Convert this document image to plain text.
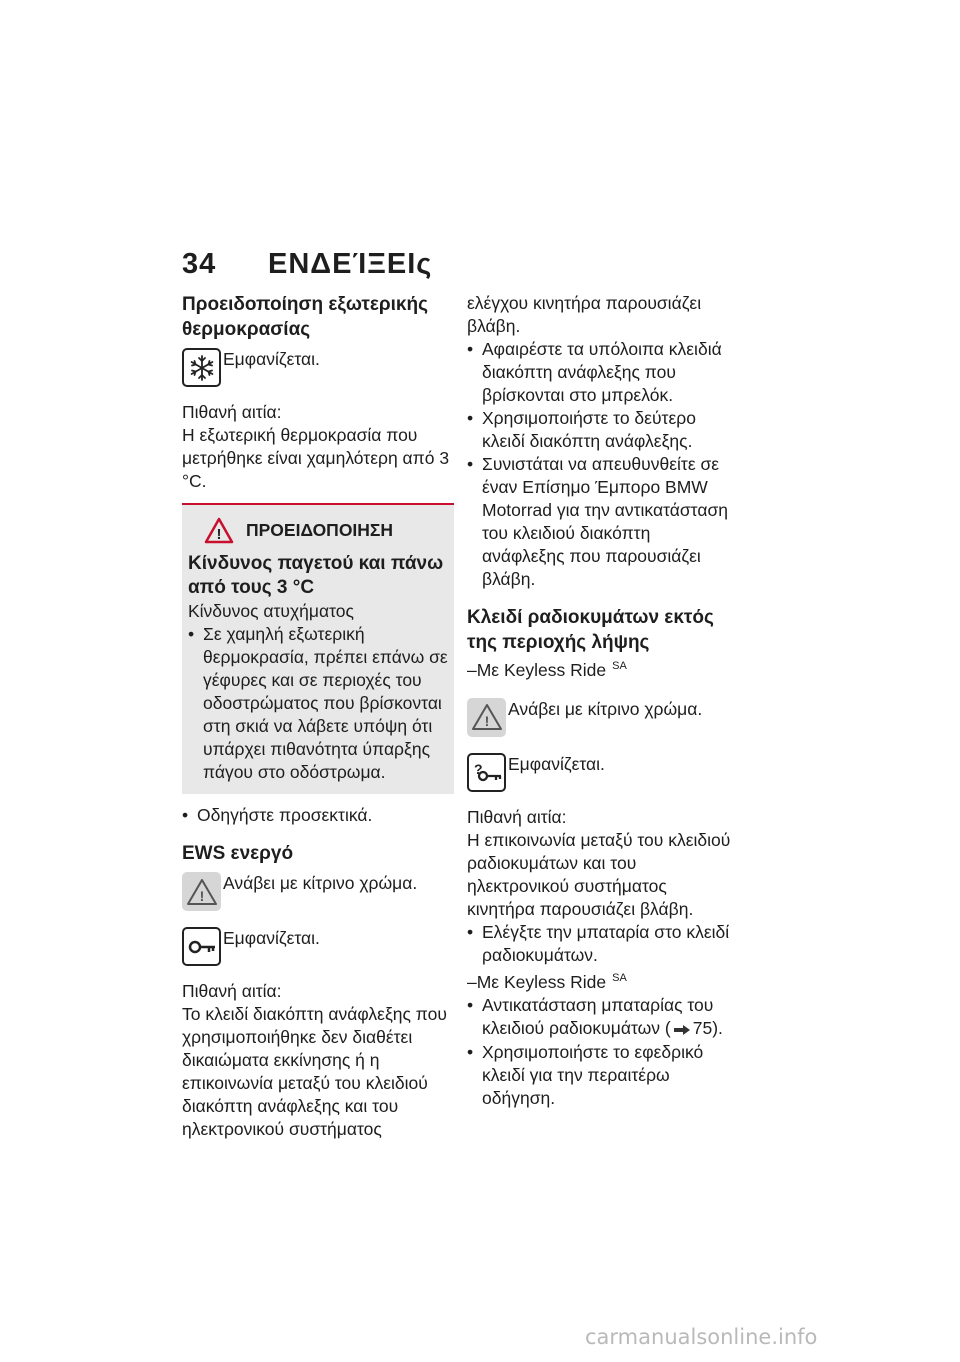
34 ΕΝΔΕΊΞΕΙς
Προειδοποίηση εξωτερικής θερμοκρασίας
Εμφανίζεται.
Πιθανή αιτία:
Η εξωτερική θερμοκρασία που μετρήθηκε είναι χαμηλότερη από 3 °C.
! ΠΡΟΕΙΔΟΠΟΙΗΣΗ
Κίνδυνος παγετού και πάνω από τους 3 °C
Κίνδυνος ατυχήματος
• Σε χαμηλή εξωτερική θερμοκρασία, πρέπει επάνω σε γέφυρες και σε περιοχές του οδοστρώματος που βρίσκονται στη σκιά να λάβετε υπόψη ότι υπάρχει πιθανότητα ύπαρξης πάγου στο οδόστρωμα.
• Οδηγήστε προσεκτικά.
EWS ενεργό
!
Ανάβει με κίτρινο χρώμα.
Εμφανίζεται.
Πιθανή αιτία:
Το κλειδί διακόπτη ανάφλεξης που χρησιμοποιήθηκε δεν διαθέτει δικαιώματα εκκίνησης ή η επικοινωνία μεταξύ του κλειδιού διακόπτη ανάφλεξης και του ηλεκτρονικού συστήματος
ελέγχου κινητήρα παρουσιάζει βλάβη.
• Αφαιρέστε τα υπόλοιπα κλειδιά διακόπτη ανάφλεξης που βρίσκονται στο μπρελόκ.
• Χρησιμοποιήστε το δεύτερο κλειδί διακόπτη ανάφλεξης.
• Συνιστάται να απευθυνθείτε σε έναν Επίσημο Έμπορο BMW Motorrad για την αντικατάσταση του κλειδιού διακόπτη ανάφλεξης που παρουσιάζει βλάβη.
Κλειδί ραδιοκυμάτων εκτός της περιοχής λήψης
–Με Keyless Ride $^{SA}$
!
Ανάβει με κίτρινο χρώμα.
? Εμφανίζεται.
Πιθανή αιτία:
Η επικοινωνία μεταξύ του κλειδιού ραδιοκυμάτων και του ηλεκτρονικού συστήματος κινητήρα παρουσιάζει βλάβη.
• Ελέγξτε την μπαταρία στο κλειδί ραδιοκυμάτων.
–Με Keyless Ride $^{SA}$
• Αντικατάσταση μπαταρίας του κλειδιού ραδιοκυμάτων ( 75).
• Χρησιμοποιήστε το εφεδρικό κλειδί για την περαιτέρω οδήγηση.
carmanualsonline.info
